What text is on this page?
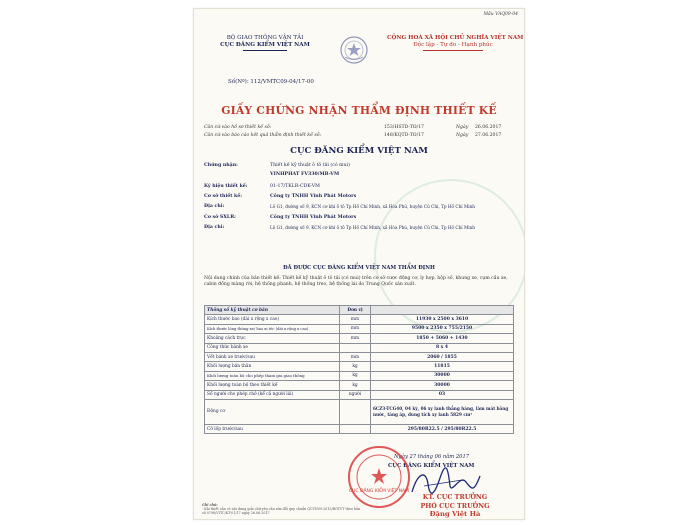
Mẫu VAQ09-04
BỘ GIAO THÔNG VẬN TẢI
CỤC ĐĂNG KIỂM VIỆT NAM
CỘNG HOÀ XÃ HỘI CHỦ NGHĨA VIỆT NAM
Độc lập - Tự do - Hạnh phúc
Số(Nº): 112/VMTC09-04/17-00
GIẤY CHỨNG NHẬN THẨM ĐỊNH THIẾT KẾ
Căn cứ vào hồ sơ thiết kế số:	153/HSTD-TO/17	Ngày 26.06.2017
Căn cứ vào báo cáo kết quả thẩm định thiết kế số:	148/KQTD-TO/17	Ngày 27.06.2017
CỤC ĐĂNG KIỂM VIỆT NAM
Chứng nhận:	Thiết kế kỹ thuật ô tô tải (có mui)
VINHPHAT FV330/MB-VM
Ký hiệu thiết kế:	01-17/TKLR-CDK-VM
Cơ sở thiết kế:	Công ty TNHH Vinh Phát Motors
Địa chỉ:	Lô G1, đường số 9, KCN cơ khí ô tô Tp Hồ Chí Minh, xã Hòa Phú, huyện Củ Chi, Tp Hồ Chí Minh
Cơ sở SXLR:	Công ty TNHH Vinh Phát Motors
Địa chỉ:	Lô G1, đường số 9, KCN cơ khí ô tô Tp Hồ Chí Minh, xã Hòa Phú, huyện Củ Chi, Tp Hồ Chí Minh
ĐÃ ĐƯỢC CỤC ĐĂNG KIỂM VIỆT NAM THẨM ĐỊNH
Nội dung chính của bản thiết kế: Thiết kế kỹ thuật ô tô tải (có mui) trên cơ sở cược động cơ, ly hợp, hộp số, khung xe, cụm cầu xe, cabin đồng màng rời, hệ thống phanh, hệ thống treo, hệ thống lái do Trung Quốc sản xuất.
Thông số kỹ thuật cơ bản	Đơn vị	
Kích thước bao (dài x rộng x cao)	mm	11930 x 2500 x 3610
Kích thước lòng thùng xe/ bao xi téc (dài x rộng x cao)	mm	9500 x 2350 x 755/2150
Khoảng cách trục	mm	1850 + 5060 + 1430
Công thức bánh xe		8 x 4
Vết bánh xe trước/sau	mm	2060 / 1855
Khối lượng bản thân	kg	11815
Khối lượng toàn bộ cho phép tham gia giao thông	kg	30000
Khối lượng toàn bộ theo thiết kế	kg	30000
Số người cho phép chở (kể cả người lái)	người	03
Động cơ		6CZ3-TCG40, 04 kỳ, 06 xy lanh thẳng hàng, làm mát bằng nước, tăng áp, dung tích xy lanh 5829 cm³
Cỡ lốp trước/sau		295/80R22.5 / 295/80R22.5
Ngày 27 tháng 06 năm 2017
CỤC ĐĂNG KIỂM VIỆT NAM
CỤC ĐĂNG KIỂM VIỆT NAM
KT. CỤC TRƯỞNG
PHÓ CỤC TRƯỞNG
Đặng Việt Hà
Ghi chú:
- Khi thiết cần có nội dung giải chứ yêu cầu sửa đổi quy chuẩn QCVN09:2015/BGTVT theo bản
số 0798/VITC/KT-01/17 ngày 26.06.2017
